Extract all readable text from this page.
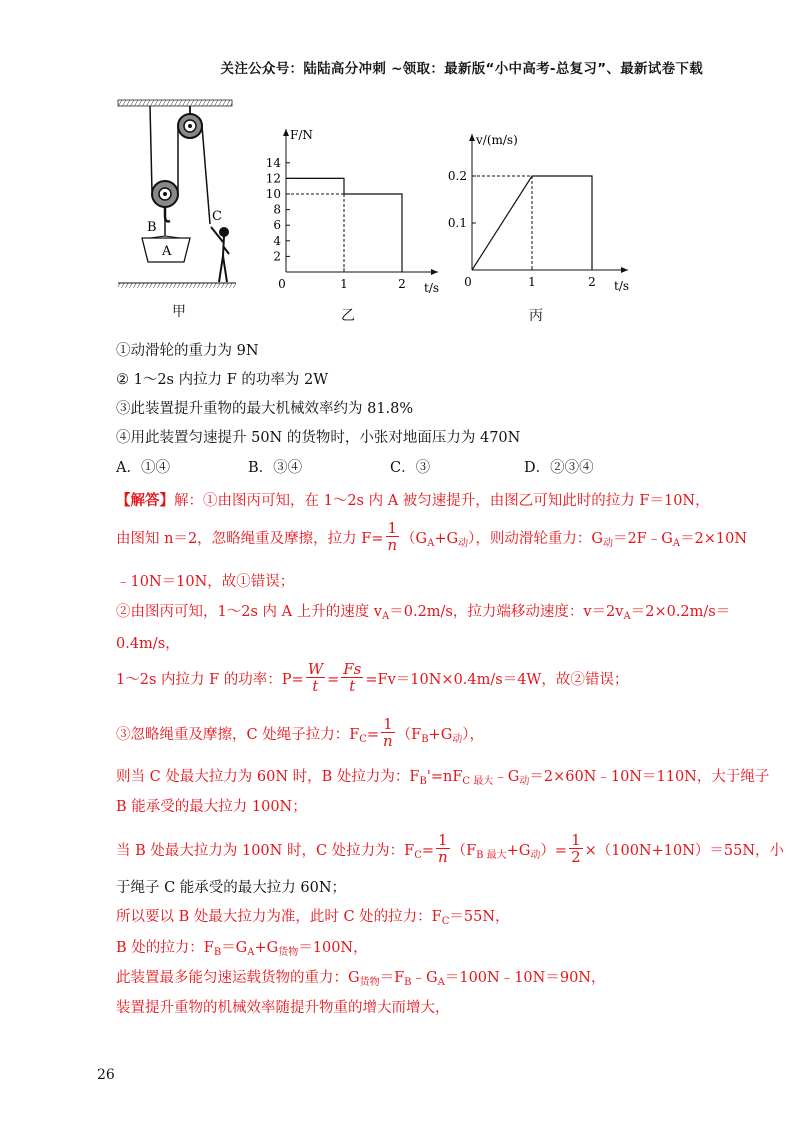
关注公众号：陆陆高分冲刺 ~领取：最新版“小中高考-总复习”、最新试卷下载
B
A
C
甲
F/N
t/s
2
4
6
8
10
12
14
0	1	2
乙
v/(m/s)
t/s
0.1
0.2
0	1	2
丙
①动滑轮的重力为 9N
② 1～2s 内拉力 F 的功率为 2W
③此装置提升重物的最大机械效率约为 81.8%
④用此装置匀速提升 50N 的货物时，小张对地面压力为 470N
A．①④	B．③④	C．③	D．②③④
【解答】解：①由图丙可知，在 1～2s 内 A 被匀速提升，由图乙可知此时的拉力 F＝10N，
由图知 n＝2，忽略绳重及摩擦，拉力 $F= \frac{1}{n} (G_A+G_动)$，则动滑轮重力：$G_动=2F﹣G_A=2\times 10N$
﹣10N＝10N，故①错误；
②由图丙可知，1～2s 内 A 上升的速度 $v_A=0.2m/s$，拉力端移动速度：$v=2v_A=2\times 0.2m/s=$
0.4m/s，
1～2s 内拉力 F 的功率：$P= \frac{W}{t} = \frac{Fs}{t} =Fv=10N\times 0.4m/s=4W$，故②错误；
③忽略绳重及摩擦，C 处绳子拉力：$F_C= \frac{1}{n} (F_B+G_动)$，
则当 C 处最大拉力为 60N 时，B 处拉力为：$F_B'=nF_{C 最大}﹣G_动=2\times 60N﹣10N=110N$，大于绳子
B 能承受的最大拉力 100N；
当 B 处最大拉力为 100N 时，C 处拉力为：$F_C= \frac{1}{n} (F_{B 最大}+G_动)= \frac{1}{2} \times(100N+10N)=55N$，小
于绳子 C 能承受的最大拉力 60N；
所以要以 B 处最大拉力为准，此时 C 处的拉力：$F_C=55N$，
B 处的拉力：$F_B=G_A+G_{货物}=100N$，
此装置最多能匀速运载货物的重力：$G_{货物}=F_B﹣G_A=100N﹣10N=90N$，
装置提升重物的机械效率随提升物重的增大而增大，
26
